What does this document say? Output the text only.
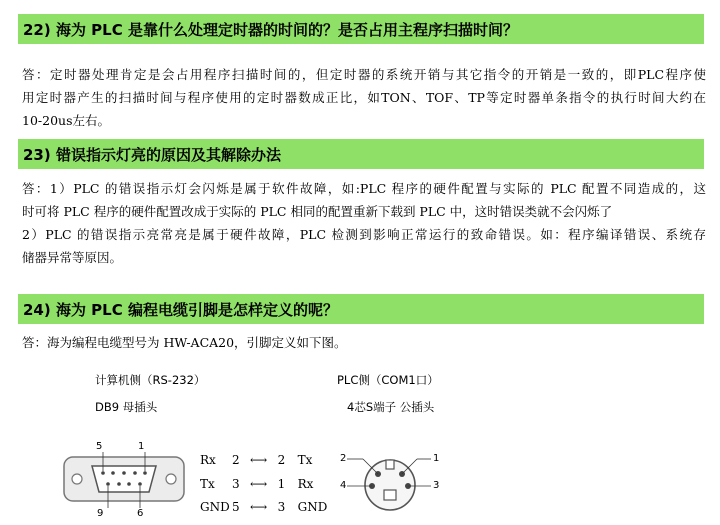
22) 海为 PLC 是靠什么处理定时器的时间的？是否占用主程序扫描时间？
答：定时器处理肯定是会占用程序扫描时间的，但定时器的系统开销与其它指令的开销是一致的，即PLC程序使
用定时器产生的扫描时间与程序使用的定时器数成正比，如TON、TOF、TP等定时器单条指令的执行时间大约在
10-20us左右。
23) 错误指示灯亮的原因及其解除办法
答：1）PLC 的错误指示灯会闪烁是属于软件故障，如:PLC 程序的硬件配置与实际的 PLC 配置不同造成的，这
时可将 PLC 程序的硬件配置改成于实际的 PLC 相同的配置重新下载到 PLC 中，这时错误类就不会闪烁了
2）PLC 的错误指示亮常亮是属于硬件故障，PLC 检测到影响正常运行的致命错误。如：程序编译错误、系统存
储器异常等原因。
24) 海为 PLC 编程电缆引脚是怎样定义的呢？
答：海为编程电缆型号为 HW-ACA20，引脚定义如下图。
计算机侧（RS-232）
DB9 母插头
PLC侧（COM1口）
4芯S端子 公插头
5	1
9	6
Rx 2 ⟷ 2 Tx
Tx 3 ⟷ 1 Rx
GND 5 ⟷ 3 GND
2	1
4	3
